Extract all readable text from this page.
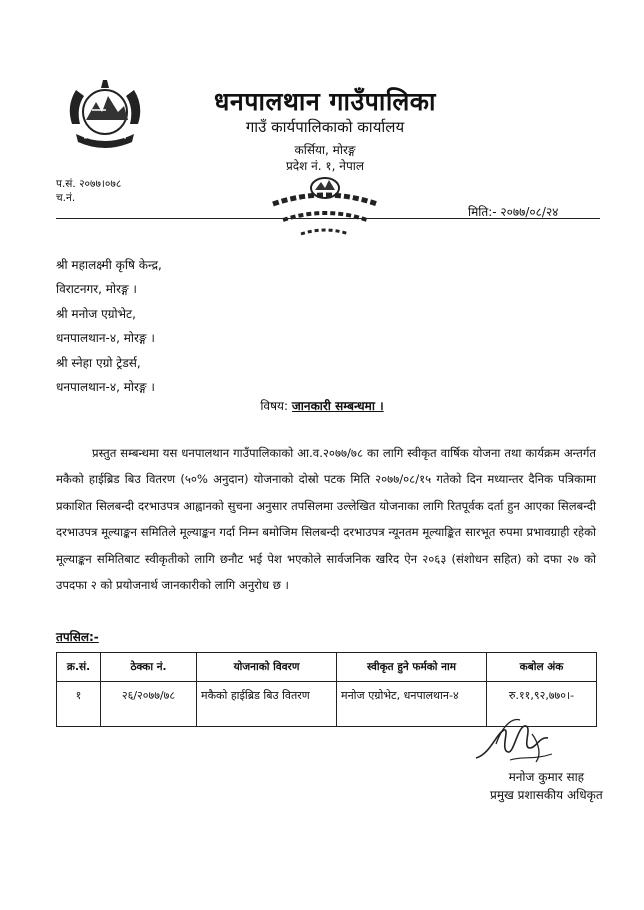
धनपालथान गाउँपालिका
गाउँ कार्यपालिकाको कार्यालय
कर्सिया, मोरङ्ग
प्रदेश नं. १, नेपाल
प.सं. २०७७।०७८
च.नं.
मिति:- २०७७/०८/२४
श्री महालक्ष्मी कृषि केन्द्र,
विराटनगर, मोरङ्ग ।
श्री मनोज एग्रोभेट,
धनपालथान-४, मोरङ्ग ।
श्री स्नेहा एग्रो ट्रेडर्स,
धनपालथान-४, मोरङ्ग ।
विषय: जानकारी सम्बन्धमा ।
प्रस्तुत सम्बन्धमा यस धनपालथान गाउँपालिकाको आ.व.२०७७/७८ का लागि स्वीकृत वार्षिक योजना तथा कार्यक्रम अन्तर्गत मकैको हाईब्रिड बिउ वितरण (५०% अनुदान) योजनाको दोस्रो पटक मिति २०७७/०८/१५ गतेको दिन मध्यान्तर दैनिक पत्रिकामा प्रकाशित सिलबन्दी दरभाउपत्र आह्वानको सुचना अनुसार तपसिलमा उल्लेखित योजनाका लागि रितपूर्वक दर्ता हुन आएका सिलबन्दी दरभाउपत्र मूल्याङ्कन समितिले मूल्याङ्कन गर्दा निम्न बमोजिम सिलबन्दी दरभाउपत्र न्यूनतम मूल्याङ्कित सारभूत रुपमा प्रभावग्राही रहेको मूल्याङ्कन समितिबाट स्वीकृतीको लागि छनौट भई पेश भएकोले सार्वजनिक खरिद ऐन २०६३ (संशोधन सहित) को दफा २७ को उपदफा २ को प्रयोजनार्थ जानकारीको लागि अनुरोध छ ।
तपसिल:-
क्र.सं.	ठेक्का नं.	योजनाको विवरण	स्वीकृत हुने फर्मको नाम	कबोल अंक
१	२६/२०७७/७८	मकैको हाईब्रिड बिउ वितरण	मनोज एग्रोभेट, धनपालथान-४	रु.११,९२,७७०।-
मनोज कुमार साह
प्रमुख प्रशासकीय अधिकृत
